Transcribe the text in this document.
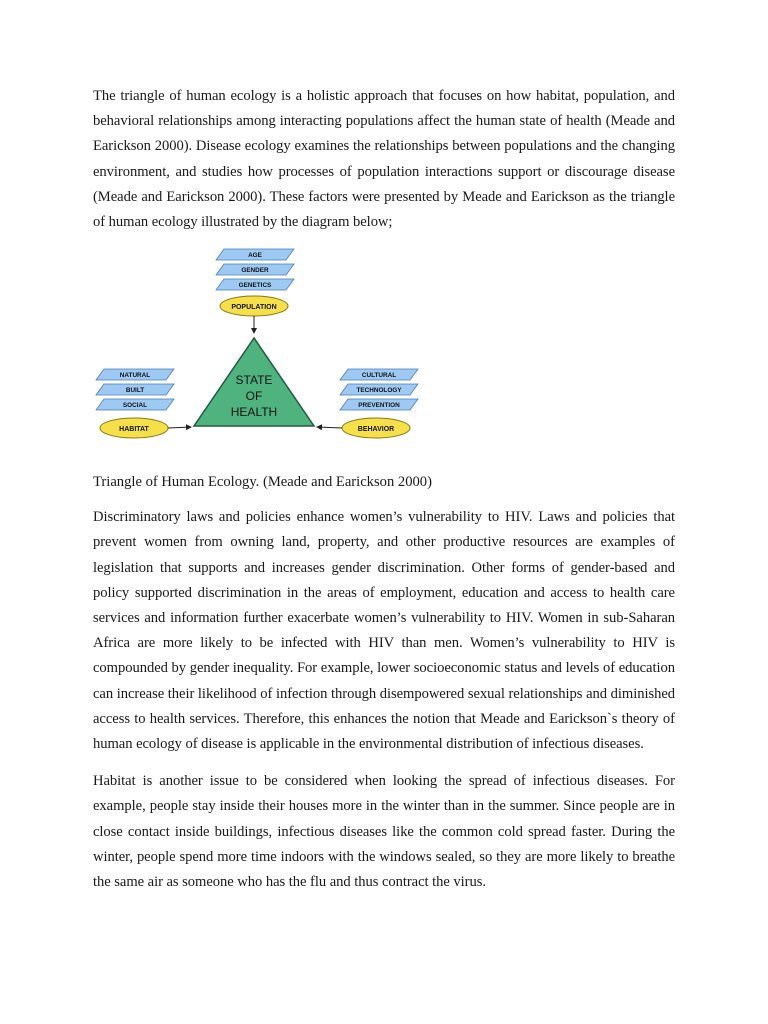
The triangle of human ecology is a holistic approach that focuses on how habitat, population, and behavioral relationships among interacting populations affect the human state of health (Meade and Earickson 2000). Disease ecology examines the relationships between populations and the changing environment, and studies how processes of population interactions support or discourage disease (Meade and Earickson 2000). These factors were presented by Meade and Earickson as the triangle of human ecology illustrated by the diagram below;

AGE
GENDER
GENETICS
POPULATION
STATE
OF
HEALTH
NATURAL
BUILT
SOCIAL
HABITAT
CULTURAL
TECHNOLOGY
PREVENTION
BEHAVIOR

Triangle of Human Ecology. (Meade and Earickson 2000)

Discriminatory laws and policies enhance women’s vulnerability to HIV. Laws and policies that prevent women from owning land, property, and other productive resources are examples of legislation that supports and increases gender discrimination. Other forms of gender-based and policy supported discrimination in the areas of employment, education and access to health care services and information further exacerbate women’s vulnerability to HIV. Women in sub-Saharan Africa are more likely to be infected with HIV than men. Women’s vulnerability to HIV is compounded by gender inequality. For example, lower socioeconomic status and levels of education can increase their likelihood of infection through disempowered sexual relationships and diminished access to health services. Therefore, this enhances the notion that Meade and Earickson`s theory of human ecology of disease is applicable in the environmental distribution of infectious diseases.

Habitat is another issue to be considered when looking the spread of infectious diseases. For example, people stay inside their houses more in the winter than in the summer. Since people are in close contact inside buildings, infectious diseases like the common cold spread faster. During the winter, people spend more time indoors with the windows sealed, so they are more likely to breathe the same air as someone who has the flu and thus contract the virus.
